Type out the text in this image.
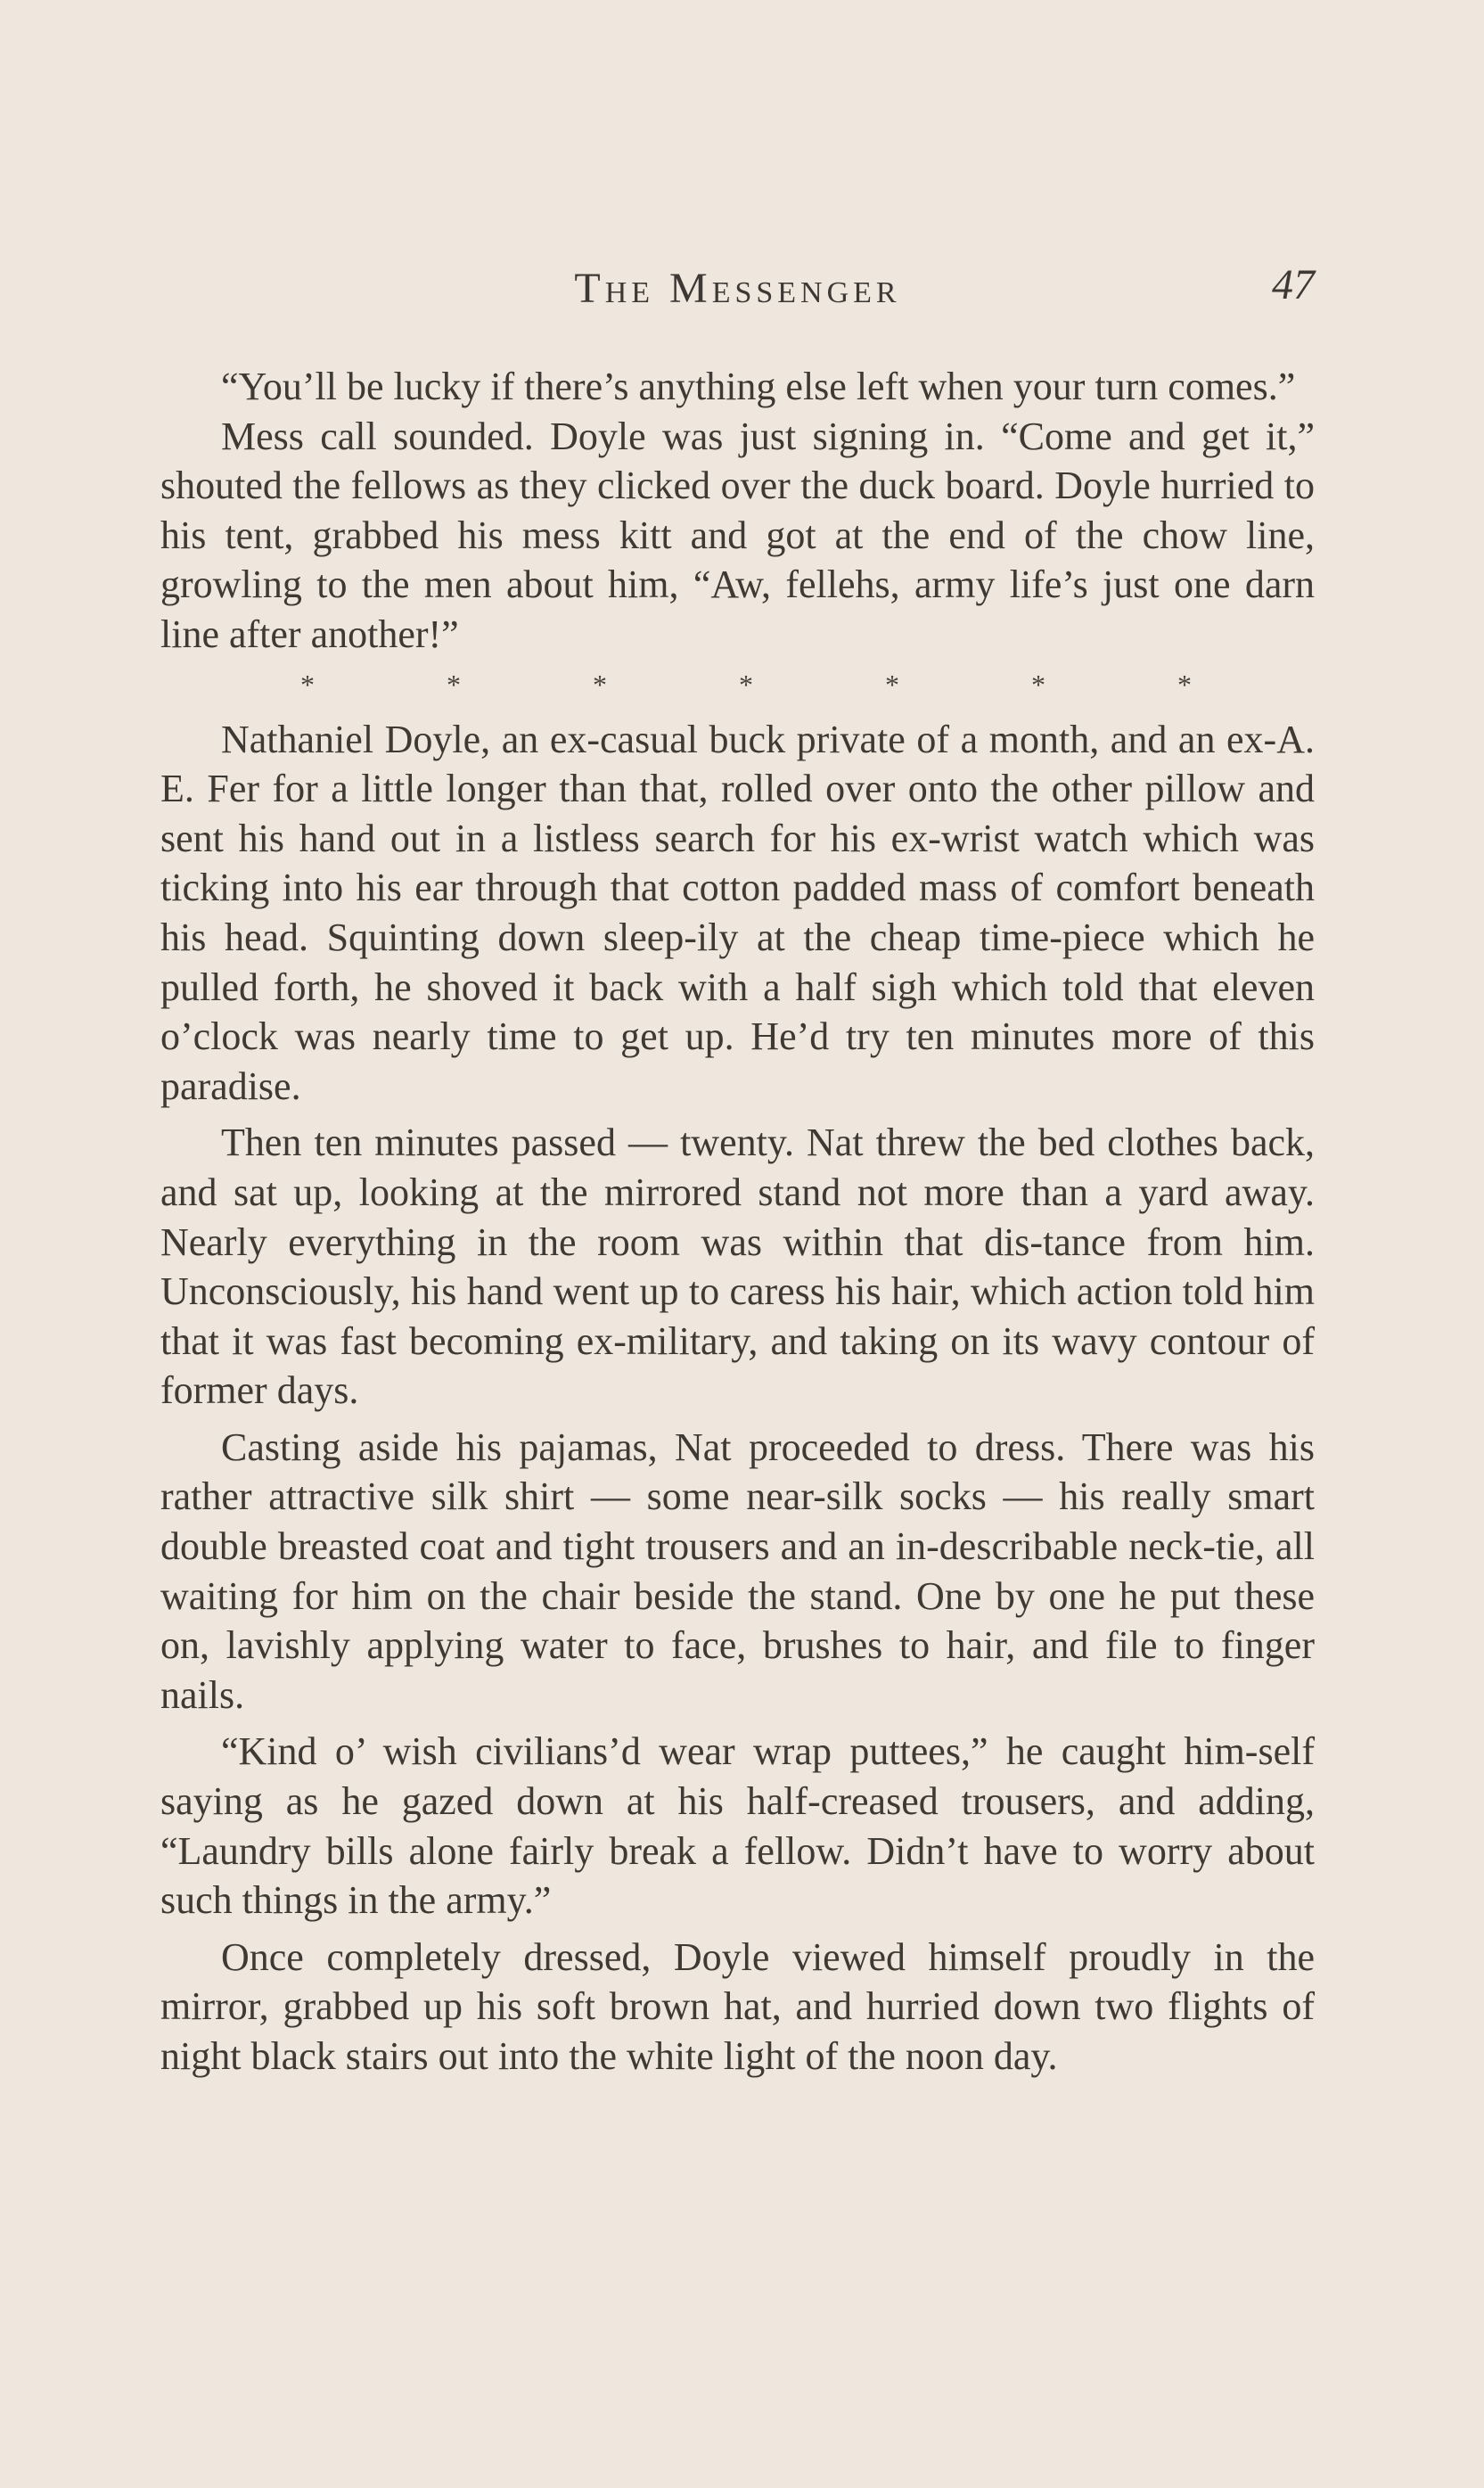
The Messenger	47

“You’ll be lucky if there’s anything else left when your turn comes.”

Mess call sounded. Doyle was just signing in. “Come and get it,” shouted the fellows as they clicked over the duck board. Doyle hurried to his tent, grabbed his mess kitt and got at the end of the chow line, growling to the men about him, “Aw, fellehs, army life’s just one darn line after another!”

*	*	*	*	*	*	*

Nathaniel Doyle, an ex-casual buck private of a month, and an ex-A. E. Fer for a little longer than that, rolled over onto the other pillow and sent his hand out in a listless search for his ex-wrist watch which was ticking into his ear through that cotton padded mass of comfort beneath his head. Squinting down sleep-ily at the cheap time-piece which he pulled forth, he shoved it back with a half sigh which told that eleven o’clock was nearly time to get up. He’d try ten minutes more of this paradise.

Then ten minutes passed — twenty. Nat threw the bed clothes back, and sat up, looking at the mirrored stand not more than a yard away. Nearly everything in the room was within that dis-tance from him. Unconsciously, his hand went up to caress his hair, which action told him that it was fast becoming ex-military, and taking on its wavy contour of former days.

Casting aside his pajamas, Nat proceeded to dress. There was his rather attractive silk shirt — some near-silk socks — his really smart double breasted coat and tight trousers and an in-describable neck-tie, all waiting for him on the chair beside the stand. One by one he put these on, lavishly applying water to face, brushes to hair, and file to finger nails.

“Kind o’ wish civilians’d wear wrap puttees,” he caught him-self saying as he gazed down at his half-creased trousers, and adding, “Laundry bills alone fairly break a fellow. Didn’t have to worry about such things in the army.”

Once completely dressed, Doyle viewed himself proudly in the mirror, grabbed up his soft brown hat, and hurried down two flights of night black stairs out into the white light of the noon day.
